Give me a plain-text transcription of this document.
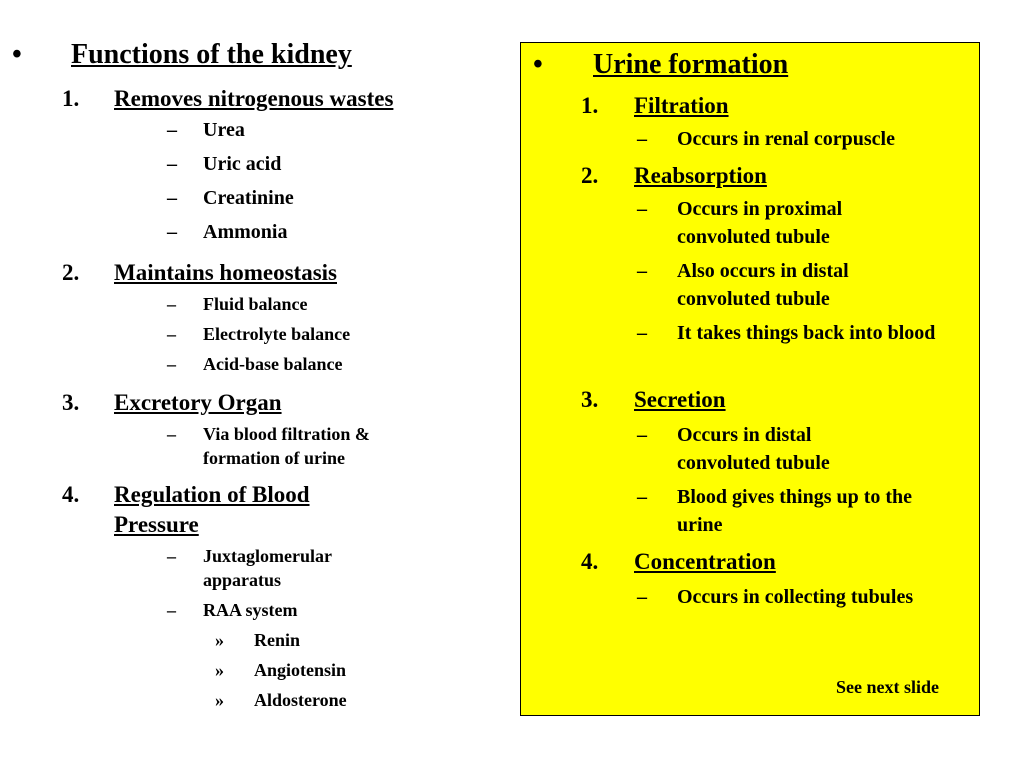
• Functions of the kidney
1. Removes nitrogenous wastes
– Urea
– Uric acid
– Creatinine
– Ammonia
2. Maintains homeostasis
– Fluid balance
– Electrolyte balance
– Acid-base balance
3. Excretory Organ
– Via blood filtration & formation of urine
4. Regulation of Blood Pressure
– Juxtaglomerular apparatus
– RAA system
» Renin
» Angiotensin
» Aldosterone
• Urine formation
1. Filtration
– Occurs in renal corpuscle
2. Reabsorption
– Occurs in proximal convoluted tubule
– Also occurs in distal convoluted tubule
– It takes things back into blood
3. Secretion
– Occurs in distal convoluted tubule
– Blood gives things up to the urine
4. Concentration
– Occurs in collecting tubules
See next slide
